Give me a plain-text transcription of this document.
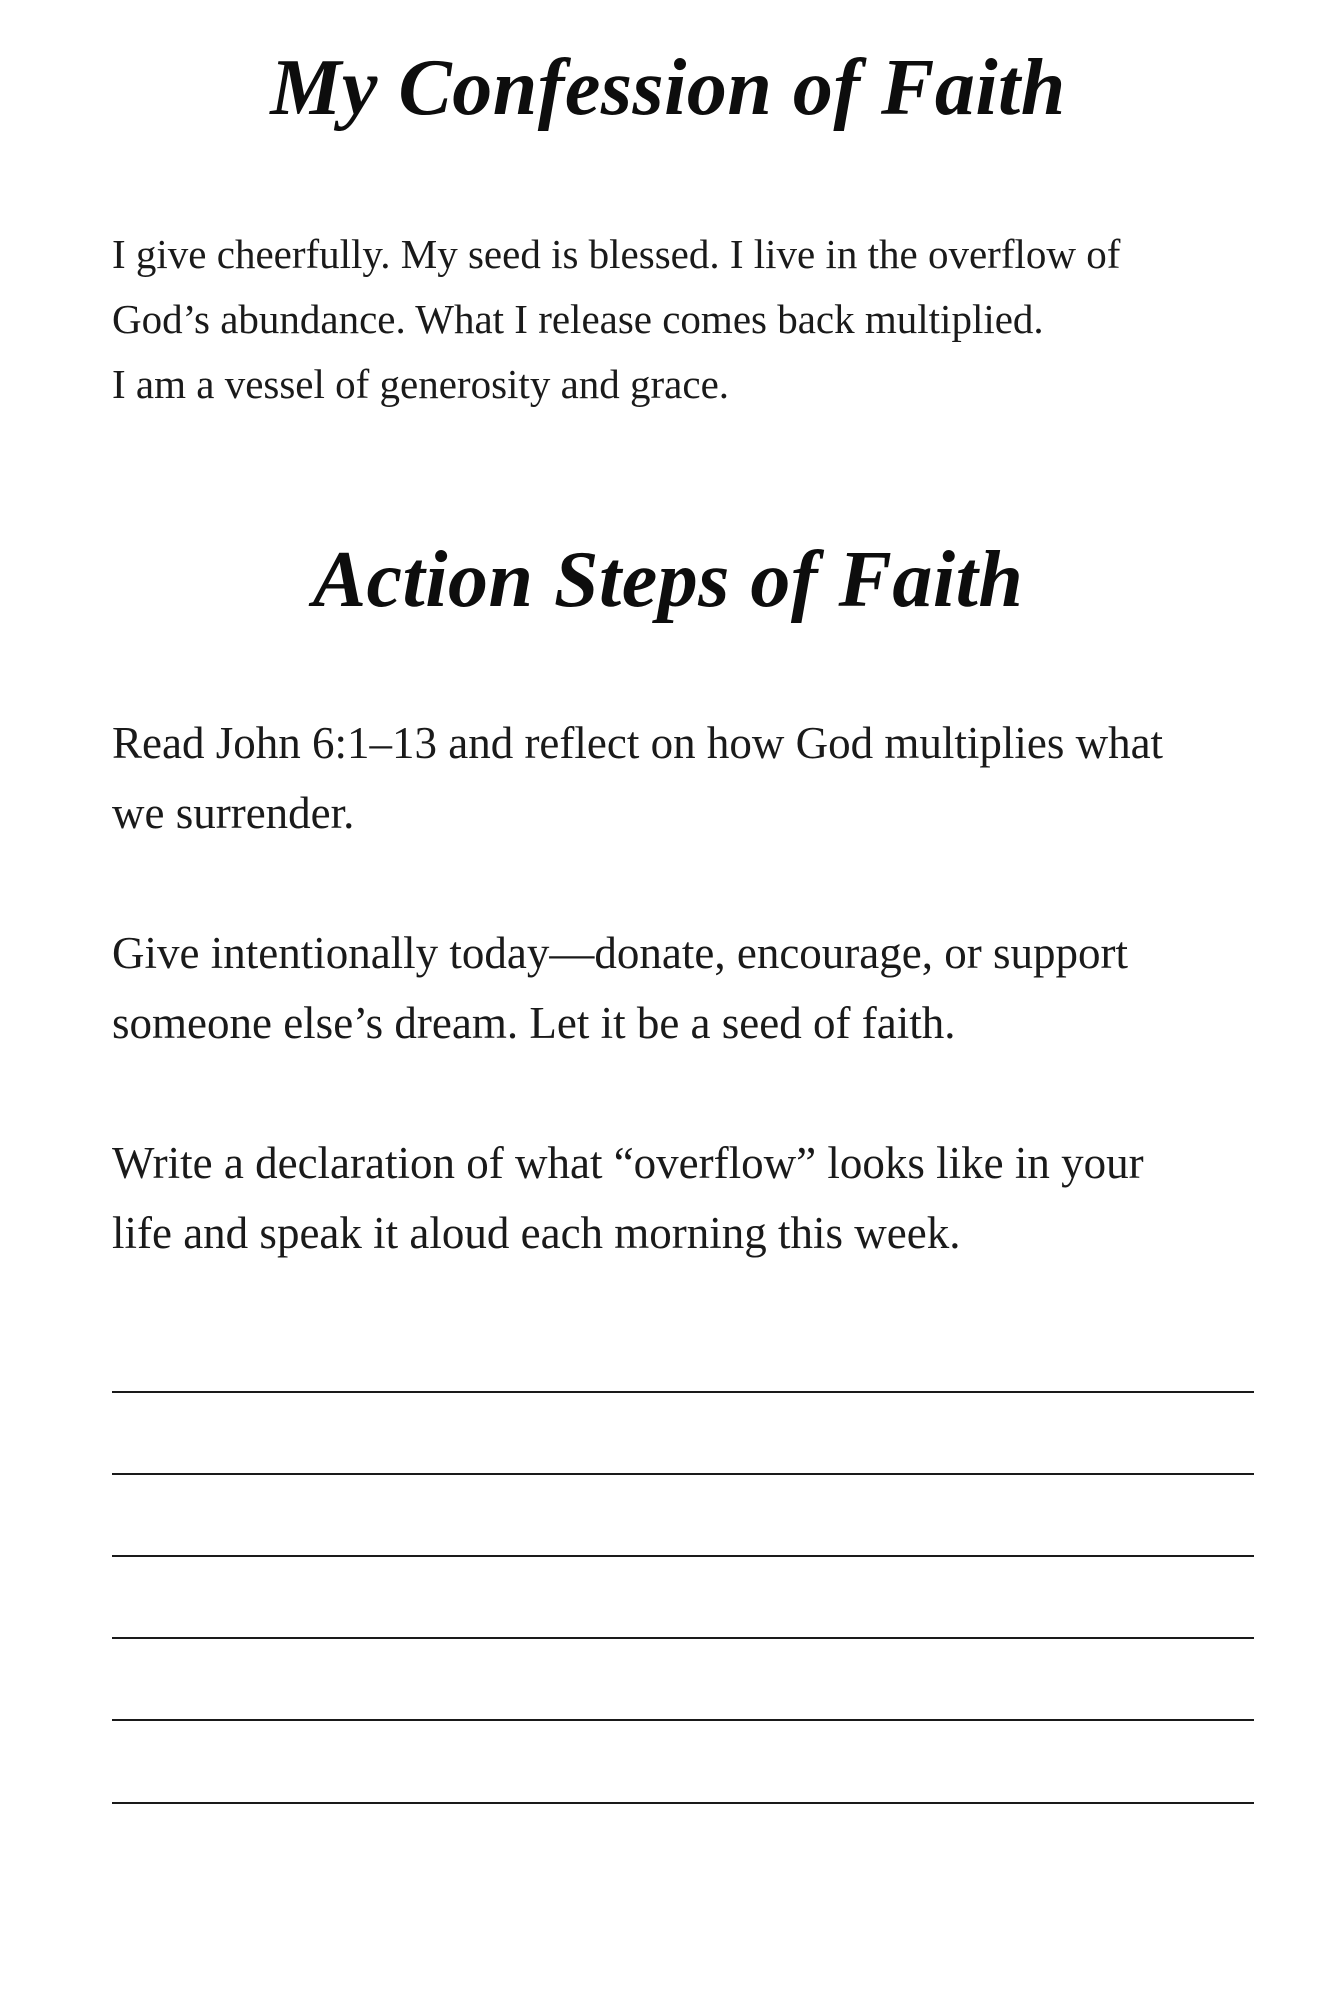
My Confession of Faith

I give cheerfully. My seed is blessed. I live in the overflow of
God’s abundance. What I release comes back multiplied.
I am a vessel of generosity and grace.

Action Steps of Faith

Read John 6:1–13 and reflect on how God multiplies what
we surrender.

Give intentionally today—donate, encourage, or support
someone else’s dream. Let it be a seed of faith.

Write a declaration of what “overflow” looks like in your
life and speak it aloud each morning this week.
